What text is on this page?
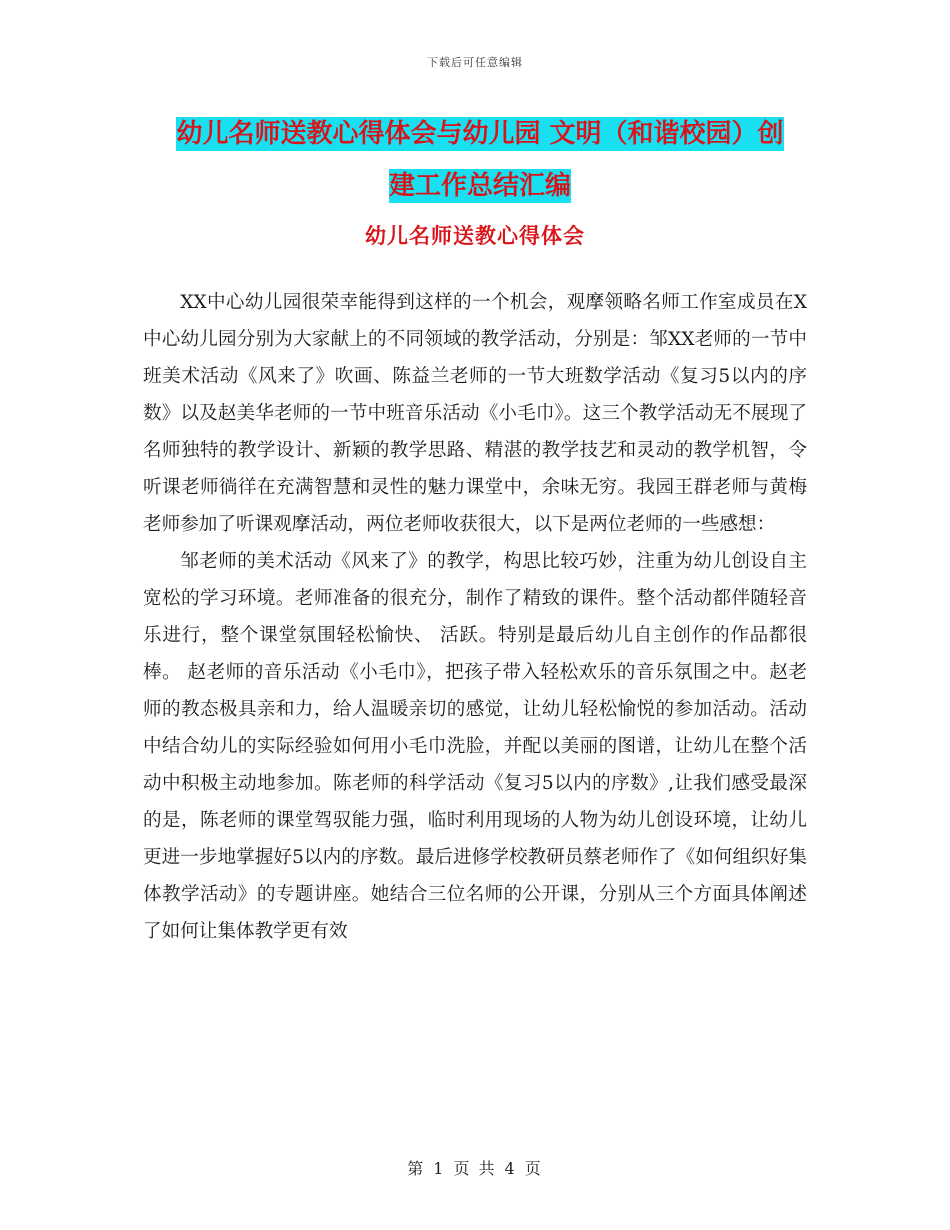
下载后可任意编辑
幼儿名师送教心得体会与幼儿园 文明（和谐校园）创
建工作总结汇编
幼儿名师送教心得体会

XX中心幼儿园很荣幸能得到这样的一个机会，观摩领略名师工作室成员在X中心幼儿园分别为大家献上的不同领域的教学活动，分别是：邹XX老师的一节中班美术活动《风来了》吹画、陈益兰老师的一节大班数学活动《复习5以内的序数》以及赵美华老师的一节中班音乐活动《小毛巾》。这三个教学活动无不展现了名师独特的教学设计、新颖的教学思路、精湛的教学技艺和灵动的教学机智，令听课老师徜徉在充满智慧和灵性的魅力课堂中，余味无穷。我园王群老师与黄梅老师参加了听课观摩活动，两位老师收获很大，以下是两位老师的一些感想：

邹老师的美术活动《风来了》的教学，构思比较巧妙，注重为幼儿创设自主宽松的学习环境。老师准备的很充分，制作了精致的课件。整个活动都伴随轻音乐进行，整个课堂氛围轻松愉快、 活跃。特别是最后幼儿自主创作的作品都很棒。 赵老师的音乐活动《小毛巾》，把孩子带入轻松欢乐的音乐氛围之中。赵老师的教态极具亲和力，给人温暖亲切的感觉，让幼儿轻松愉悦的参加活动。活动中结合幼儿的实际经验如何用小毛巾洗脸，并配以美丽的图谱，让幼儿在整个活动中积极主动地参加。陈老师的科学活动《复习5以内的序数》,让我们感受最深的是，陈老师的课堂驾驭能力强，临时利用现场的人物为幼儿创设环境，让幼儿更进一步地掌握好5以内的序数。最后进修学校教研员蔡老师作了《如何组织好集体教学活动》的专题讲座。她结合三位名师的公开课，分别从三个方面具体阐述了如何让集体教学更有效

第 1 页 共 4 页
